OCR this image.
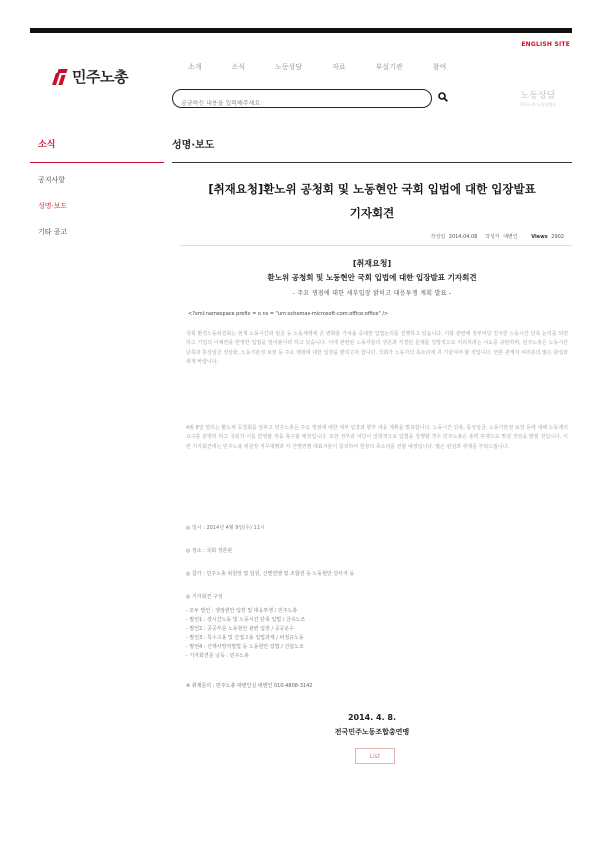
ENGLISH SITE
민주노총
소개	소식	노동상담	자료	부설기관	참여
궁금하신 내용을 입력해주세요
노동상담
민주노총 노동상담소
소식
공지사항
성명·보도
기타 공고
성명·보도
[취재요청]환노위 공청회 및 노동현안 국회 입법에 대한 입장발표
기자회견
작성일 2014.04.08 작성자 대변인	Views 2902
[취재요청]
환노위 공청회 및 노동현안 국회 입법에 대한 입장발표 기자회견
- 주요 쟁점에 대한 세부입장 밝히고 대응투쟁 계획 발표 -
<?xml:namespace prefix = o ns = "urn:schemas-microsoft-com:office:office" />
국회 환경노동위원회는 현재 노동시간과 임금 등 노동체계에 큰 변화를 가져올 중대한 입법논의를 진행하고 있습니다. 이와 관련해 정부여당 진지한 노동시간 단축 논의를 외면하고 기업의 이해만을 반영한 입법을 밀어붙이려 하고 있습니다. 이에 관련된 노동자들의 생존과 직결된 문제를 일방적으로 처리하려는 시도를 규탄하며, 민주노총은 노동시간 단축과 통상임금 정상화, 노동기본권 보장 등 주요 쟁점에 대한 입장을 밝히고자 합니다. 국회가 노동자의 목소리에 귀 기울여야 할 것입니다. 언론 관계자 여러분의 많은 관심과 취재 바랍니다.
4월 8일 열리는 환노위 공청회를 앞두고 민주노총은 주요 쟁점에 대한 세부 입장과 향후 대응 계획을 발표합니다. 노동시간 단축, 통상임금, 노동기본권 보장 등에 대해 노동계의 요구를 분명히 하고 국회가 이를 반영할 것을 촉구할 예정입니다. 또한 정부와 여당이 일방적으로 입법을 강행할 경우 민주노총은 총력 투쟁으로 맞설 것임을 밝힐 것입니다. 이번 기자회견에는 민주노총 위원장 직무대행과 각 산별연맹 대표자들이 참석하여 현장의 목소리를 전할 예정입니다. 많은 관심과 취재를 부탁드립니다.
◎ 일시 : 2014년 4월 9일(수) 11시
◎ 장소 : 국회 정론관
◎ 참가 : 민주노총 위원장 및 임원, 산별연맹 및 조합원 등 노동현안 당사자 등
◎ 기자회견 구성
- 모두 발언 : 쟁점현안 입장 및 대응투쟁 / 민주노총
- 발언1 : 장시간노동 및 노동시간 단축 입법 / 금속노조
- 발언2 : 공공부문 노동현안 관련 입장 / 공공운수
- 발언3 : 특수고용 및 간접고용 입법과제 / 비정규노동
- 발언4 : 산재사망처벌법 등 노동현안 입법 / 건설노조
- 기자회견문 낭독 : 민주노총
※ 취재문의 : 민주노총 대변인실 대변인 010-4808-3142
2014. 4. 8.
전국민주노동조합총연맹
List
